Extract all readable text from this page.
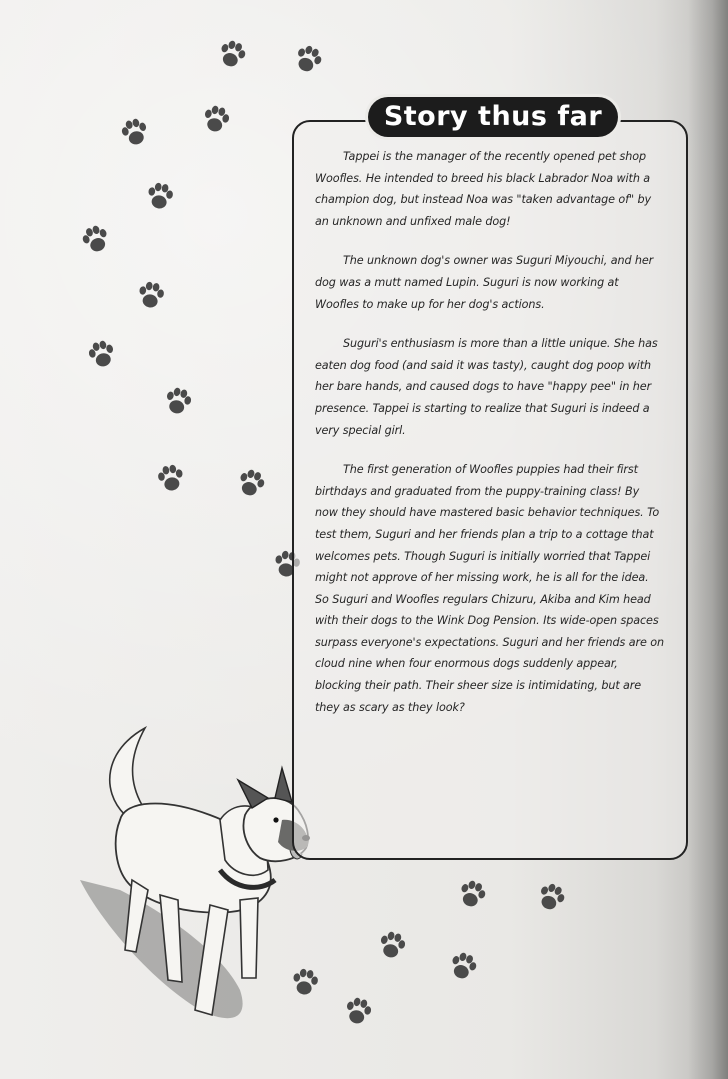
Story thus far

Tappei is the manager of the recently opened pet shop Woofles. He intended to breed his black Labrador Noa with a champion dog, but instead Noa was "taken advantage of" by an unknown and unfixed male dog!

The unknown dog's owner was Suguri Miyouchi, and her dog was a mutt named Lupin. Suguri is now working at Woofles to make up for her dog's actions.

Suguri's enthusiasm is more than a little unique. She has eaten dog food (and said it was tasty), caught dog poop with her bare hands, and caused dogs to have "happy pee" in her presence. Tappei is starting to realize that Suguri is indeed a very special girl.

The first generation of Woofles puppies had their first birthdays and graduated from the puppy-training class! By now they should have mastered basic behavior techniques. To test them, Suguri and her friends plan a trip to a cottage that welcomes pets. Though Suguri is initially worried that Tappei might not approve of her missing work, he is all for the idea. So Suguri and Woofles regulars Chizuru, Akiba and Kim head with their dogs to the Wink Dog Pension. Its wide-open spaces surpass everyone's expectations. Suguri and her friends are on cloud nine when four enormous dogs suddenly appear, blocking their path. Their sheer size is intimidating, but are they as scary as they look?
